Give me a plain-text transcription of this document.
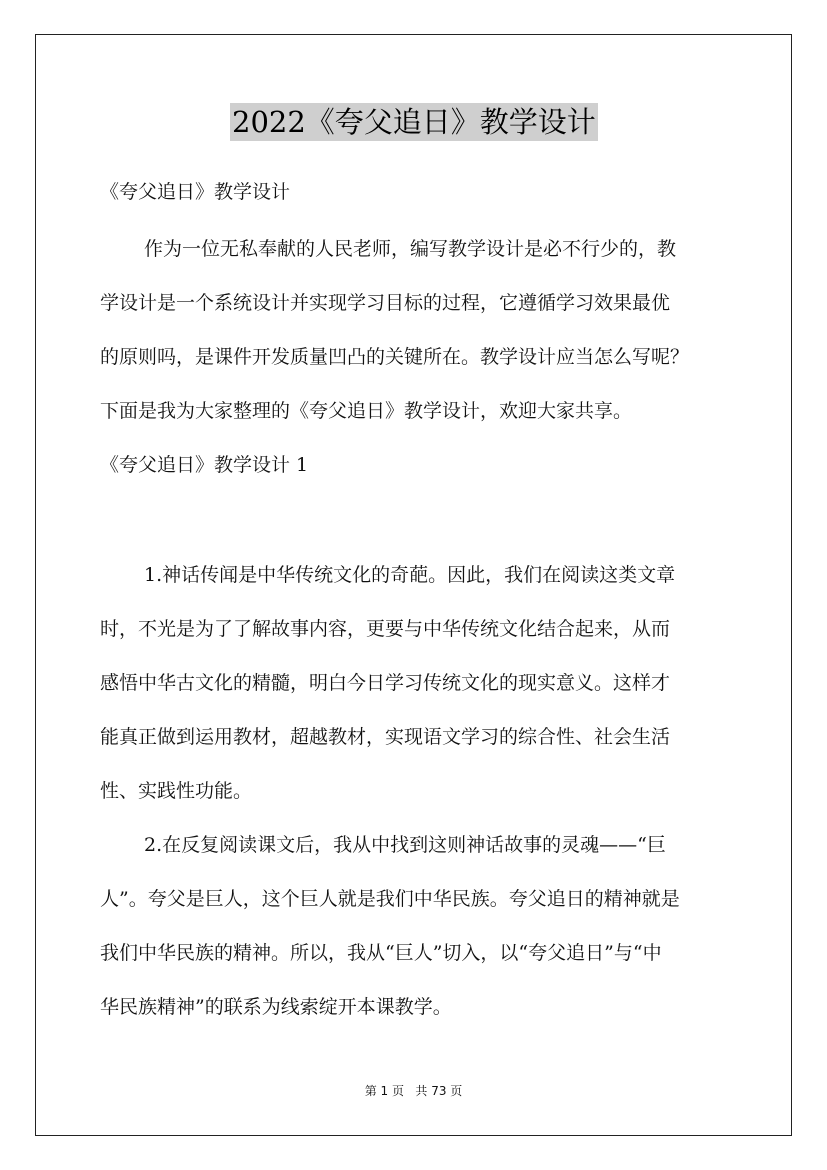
2022《夸父追日》教学设计
《夸父追日》教学设计
作为一位无私奉献的人民老师，编写教学设计是必不行少的，教
学设计是一个系统设计并实现学习目标的过程，它遵循学习效果最优
的原则吗，是课件开发质量凹凸的关键所在。教学设计应当怎么写呢？
下面是我为大家整理的《夸父追日》教学设计，欢迎大家共享。
《夸父追日》教学设计 1
1.神话传闻是中华传统文化的奇葩。因此，我们在阅读这类文章
时，不光是为了了解故事内容，更要与中华传统文化结合起来，从而
感悟中华古文化的精髓，明白今日学习传统文化的现实意义。这样才
能真正做到运用教材，超越教材，实现语文学习的综合性、社会生活
性、实践性功能。
2.在反复阅读课文后，我从中找到这则神话故事的灵魂——“巨
人”。夸父是巨人，这个巨人就是我们中华民族。夸父追日的精神就是
我们中华民族的精神。所以，我从“巨人”切入，以“夸父追日”与“中
华民族精神”的联系为线索绽开本课教学。
第 1 页   共 73 页
